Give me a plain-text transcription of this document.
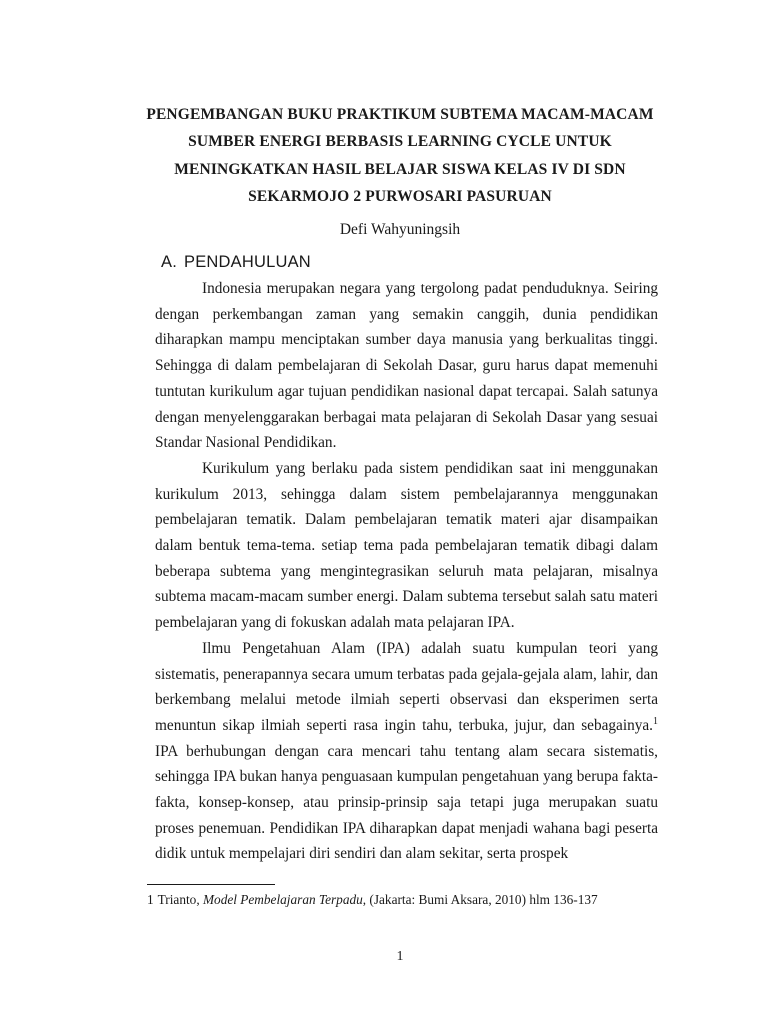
PENGEMBANGAN BUKU PRAKTIKUM SUBTEMA MACAM-MACAM
SUMBER ENERGI BERBASIS LEARNING CYCLE UNTUK
MENINGKATKAN HASIL BELAJAR SISWA KELAS IV DI SDN
SEKARMOJO 2 PURWOSARI PASURUAN
Defi Wahyuningsih
A. PENDAHULUAN

Indonesia merupakan negara yang tergolong padat penduduknya. Seiring dengan perkembangan zaman yang semakin canggih, dunia pendidikan diharapkan mampu menciptakan sumber daya manusia yang berkualitas tinggi. Sehingga di dalam pembelajaran di Sekolah Dasar, guru harus dapat memenuhi tuntutan kurikulum agar tujuan pendidikan nasional dapat tercapai. Salah satunya dengan menyelenggarakan berbagai mata pelajaran di Sekolah Dasar yang sesuai Standar Nasional Pendidikan.

Kurikulum yang berlaku pada sistem pendidikan saat ini menggunakan kurikulum 2013, sehingga dalam sistem pembelajarannya menggunakan pembelajaran tematik. Dalam pembelajaran tematik materi ajar disampaikan dalam bentuk tema-tema. setiap tema pada pembelajaran tematik dibagi dalam beberapa subtema yang mengintegrasikan seluruh mata pelajaran, misalnya subtema macam-macam sumber energi. Dalam subtema tersebut salah satu materi pembelajaran yang di fokuskan adalah mata pelajaran IPA.

Ilmu Pengetahuan Alam (IPA) adalah suatu kumpulan teori yang sistematis, penerapannya secara umum terbatas pada gejala-gejala alam, lahir, dan berkembang melalui metode ilmiah seperti observasi dan eksperimen serta menuntun sikap ilmiah seperti rasa ingin tahu, terbuka, jujur, dan sebagainya.$^1$ IPA berhubungan dengan cara mencari tahu tentang alam secara sistematis, sehingga IPA bukan hanya penguasaan kumpulan pengetahuan yang berupa fakta-fakta, konsep-konsep, atau prinsip-prinsip saja tetapi juga merupakan suatu proses penemuan. Pendidikan IPA diharapkan dapat menjadi wahana bagi peserta didik untuk mempelajari diri sendiri dan alam sekitar, serta prospek

1 Trianto, Model Pembelajaran Terpadu, (Jakarta: Bumi Aksara, 2010) hlm 136-137
1
